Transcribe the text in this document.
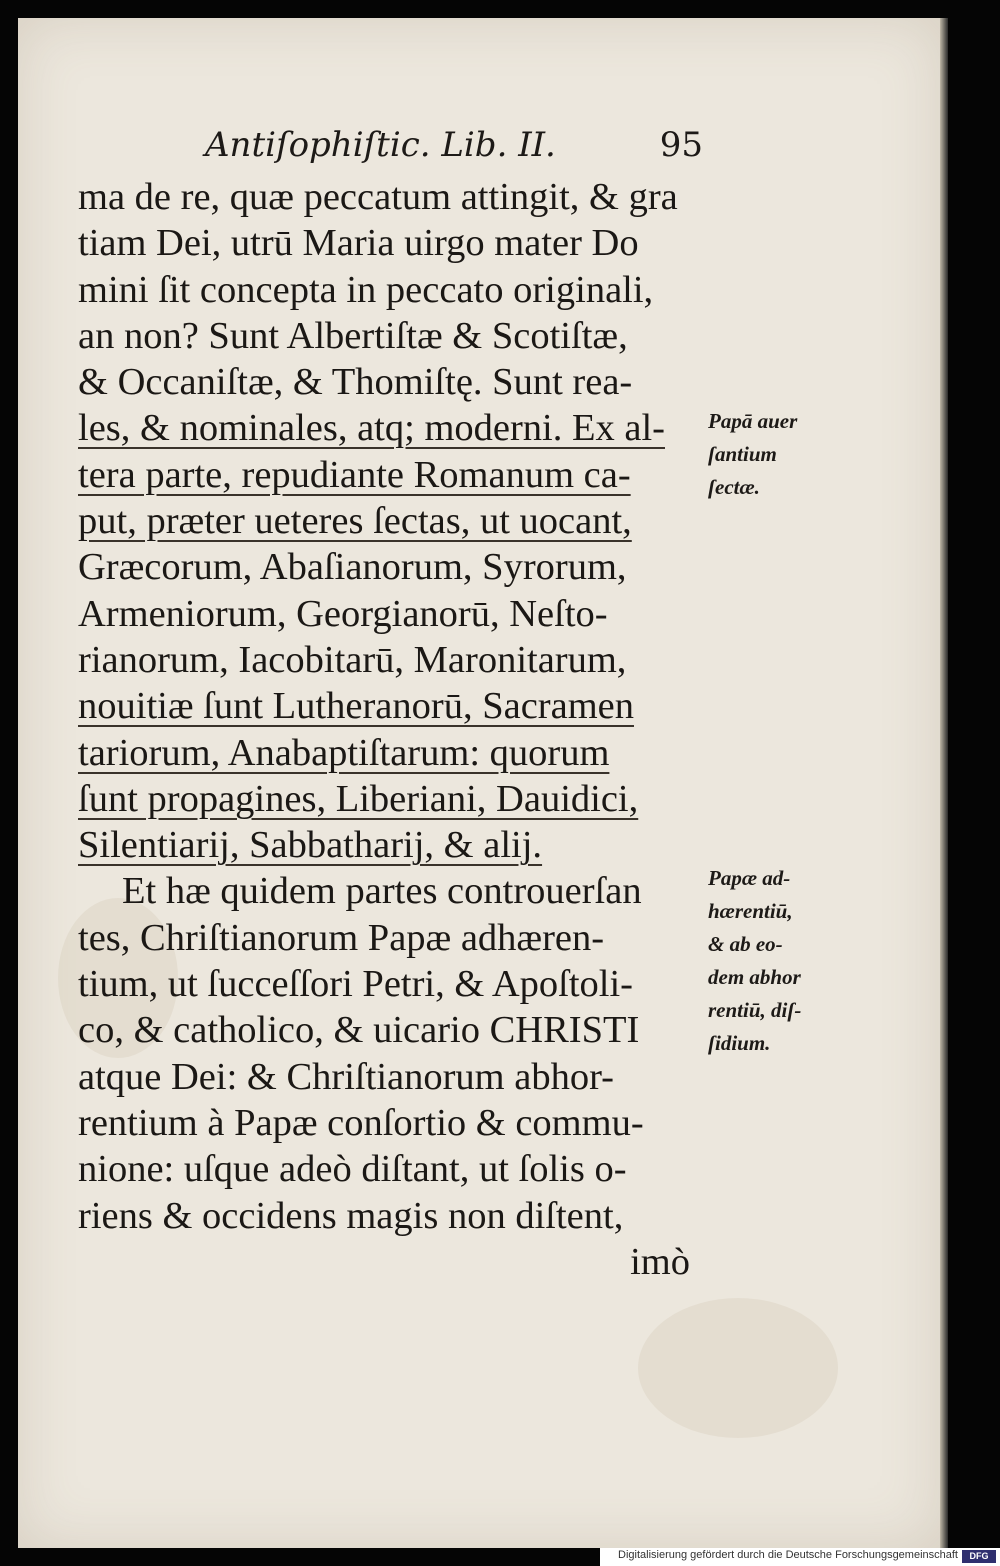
Antiſophiſtic. Lib. II.	95
ma de re, quæ peccatum attingit, & gra
tiam Dei, utrū Maria uirgo mater Do
mini ſit concepta in peccato originali,
an non? Sunt Albertiſtæ & Scotiſtæ,
& Occaniſtæ, & Thomiſtę. Sunt rea-
les, & nominales, atq; moderni. Ex al-
tera parte, repudiante Romanum ca-
put, præter ueteres ſectas, ut uocant,
Græcorum, Abaſianorum, Syrorum,
Armeniorum, Georgianorū, Neſto-
rianorum, Iacobitarū, Maronitarum,
nouitiæ ſunt Lutheranorū, Sacramen
tariorum, Anabaptiſtarum: quorum
ſunt propagines, Liberiani, Dauidici,
Silentiarij, Sabbatharij, & alij.
Et hæ quidem partes controuerſan
tes, Chriſtianorum Papæ adhæren-
tium, ut ſucceſſori Petri, & Apoſtoli-
co, & catholico, & uicario CHRISTI
atque Dei: & Chriſtianorum abhor-
rentium à Papæ conſortio & commu-
nione: uſque adeò diſtant, ut ſolis o-
riens & occidens magis non diſtent,
imò
Papā auer
ſantium
ſectæ.
Papæ ad-
hærentiū,
& ab eo-
dem abhor
rentiū, diſ-
ſidium.
Digitalisierung gefördert durch die Deutsche Forschungsgemeinschaft	DFG
